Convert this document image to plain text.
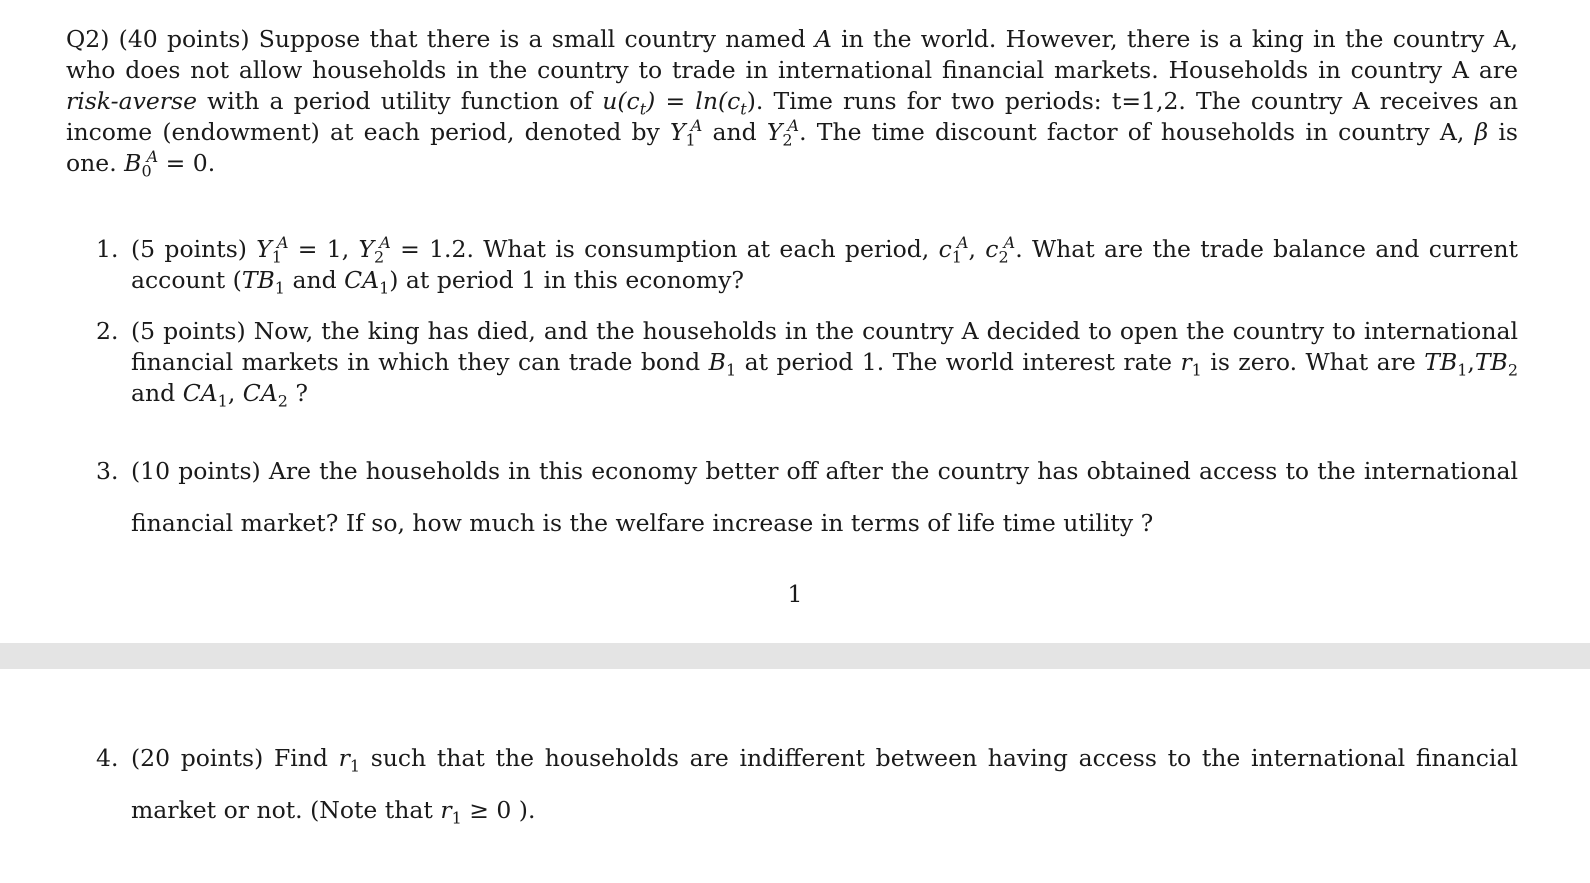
Q2) (40 points) Suppose that there is a small country named A in the world. However, there is a king in the country A, who does not allow households in the country to trade in international financial markets. Households in country A are risk-averse with a period utility function of $u(c_t) = \ln(c_t)$. Time runs for two periods: t=1,2. The country A receives an income (endowment) at each period, denoted by $Y_1^A$ and $Y_2^A$. The time discount factor of households in country A, β is one. $B_0^A = 0$.

1. (5 points) $Y_1^A = 1$, $Y_2^A = 1.2$. What is consumption at each period, $c_1^A$, $c_2^A$. What are the trade balance and current account ($TB_1$ and $CA_1$) at period 1 in this economy?
2. (5 points) Now, the king has died, and the households in the country A decided to open the country to international financial markets in which they can trade bond $B_1$ at period 1. The world interest rate $r_1$ is zero. What are $TB_1,TB_2$ and $CA_1$, $CA_2$ ?
3. (10 points) Are the households in this economy better off after the country has obtained access to the international financial market? If so, how much is the welfare increase in terms of life time utility ?
1
4. (20 points) Find $r_1$ such that the households are indifferent between having access to the international financial market or not. (Note that $r_1 \ge 0$ ).
